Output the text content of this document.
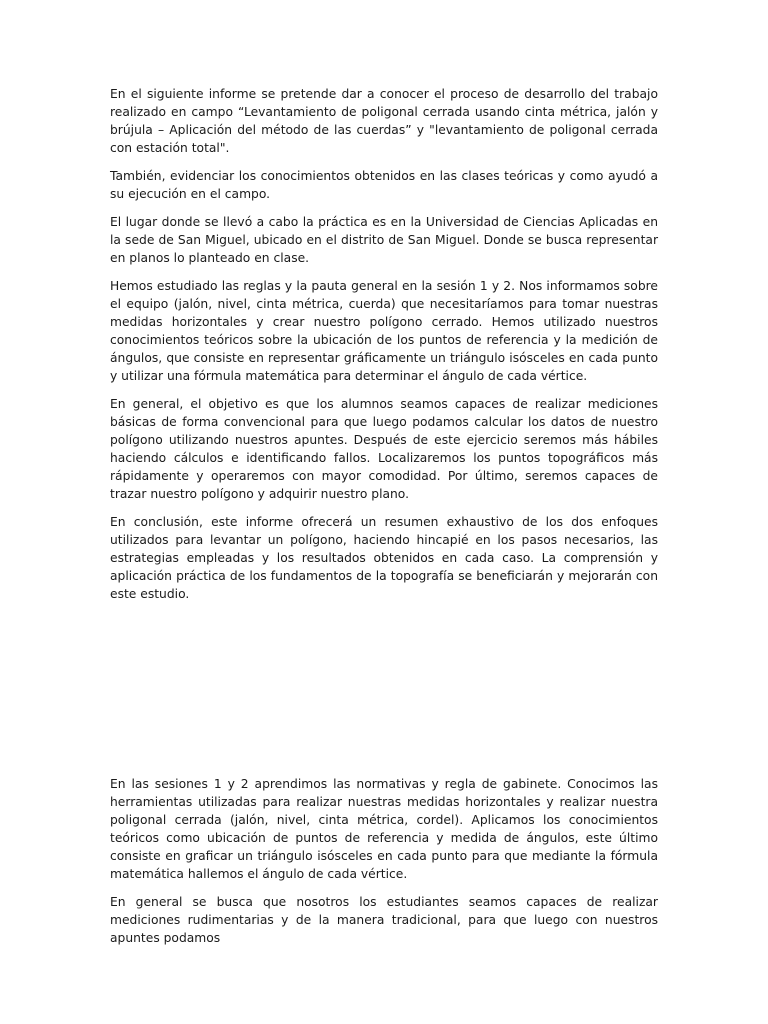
En el siguiente informe se pretende dar a conocer el proceso de desarrollo del trabajo realizado en campo “Levantamiento de poligonal cerrada usando cinta métrica, jalón y brújula – Aplicación del método de las cuerdas” y "levantamiento de poligonal cerrada con estación total".

También, evidenciar los conocimientos obtenidos en las clases teóricas y como ayudó a su ejecución en el campo.

El lugar donde se llevó a cabo la práctica es en la Universidad de Ciencias Aplicadas en la sede de San Miguel, ubicado en el distrito de San Miguel. Donde se busca representar en planos lo planteado en clase.

Hemos estudiado las reglas y la pauta general en la sesión 1 y 2. Nos informamos sobre el equipo (jalón, nivel, cinta métrica, cuerda) que necesitaríamos para tomar nuestras medidas horizontales y crear nuestro polígono cerrado. Hemos utilizado nuestros conocimientos teóricos sobre la ubicación de los puntos de referencia y la medición de ángulos, que consiste en representar gráficamente un triángulo isósceles en cada punto y utilizar una fórmula matemática para determinar el ángulo de cada vértice.

En general, el objetivo es que los alumnos seamos capaces de realizar mediciones básicas de forma convencional para que luego podamos calcular los datos de nuestro polígono utilizando nuestros apuntes. Después de este ejercicio seremos más hábiles haciendo cálculos e identificando fallos. Localizaremos los puntos topográficos más rápidamente y operaremos con mayor comodidad. Por último, seremos capaces de trazar nuestro polígono y adquirir nuestro plano.

En conclusión, este informe ofrecerá un resumen exhaustivo de los dos enfoques utilizados para levantar un polígono, haciendo hincapié en los pasos necesarios, las estrategias empleadas y los resultados obtenidos en cada caso. La comprensión y aplicación práctica de los fundamentos de la topografía se beneficiarán y mejorarán con este estudio.

En las sesiones 1 y 2 aprendimos las normativas y regla de gabinete. Conocimos las herramientas utilizadas para realizar nuestras medidas horizontales y realizar nuestra poligonal cerrada (jalón, nivel, cinta métrica, cordel). Aplicamos los conocimientos teóricos como ubicación de puntos de referencia y medida de ángulos, este último consiste en graficar un triángulo isósceles en cada punto para que mediante la fórmula matemática hallemos el ángulo de cada vértice.

En general se busca que nosotros los estudiantes seamos capaces de realizar mediciones rudimentarias y de la manera tradicional, para que luego con nuestros apuntes podamos
